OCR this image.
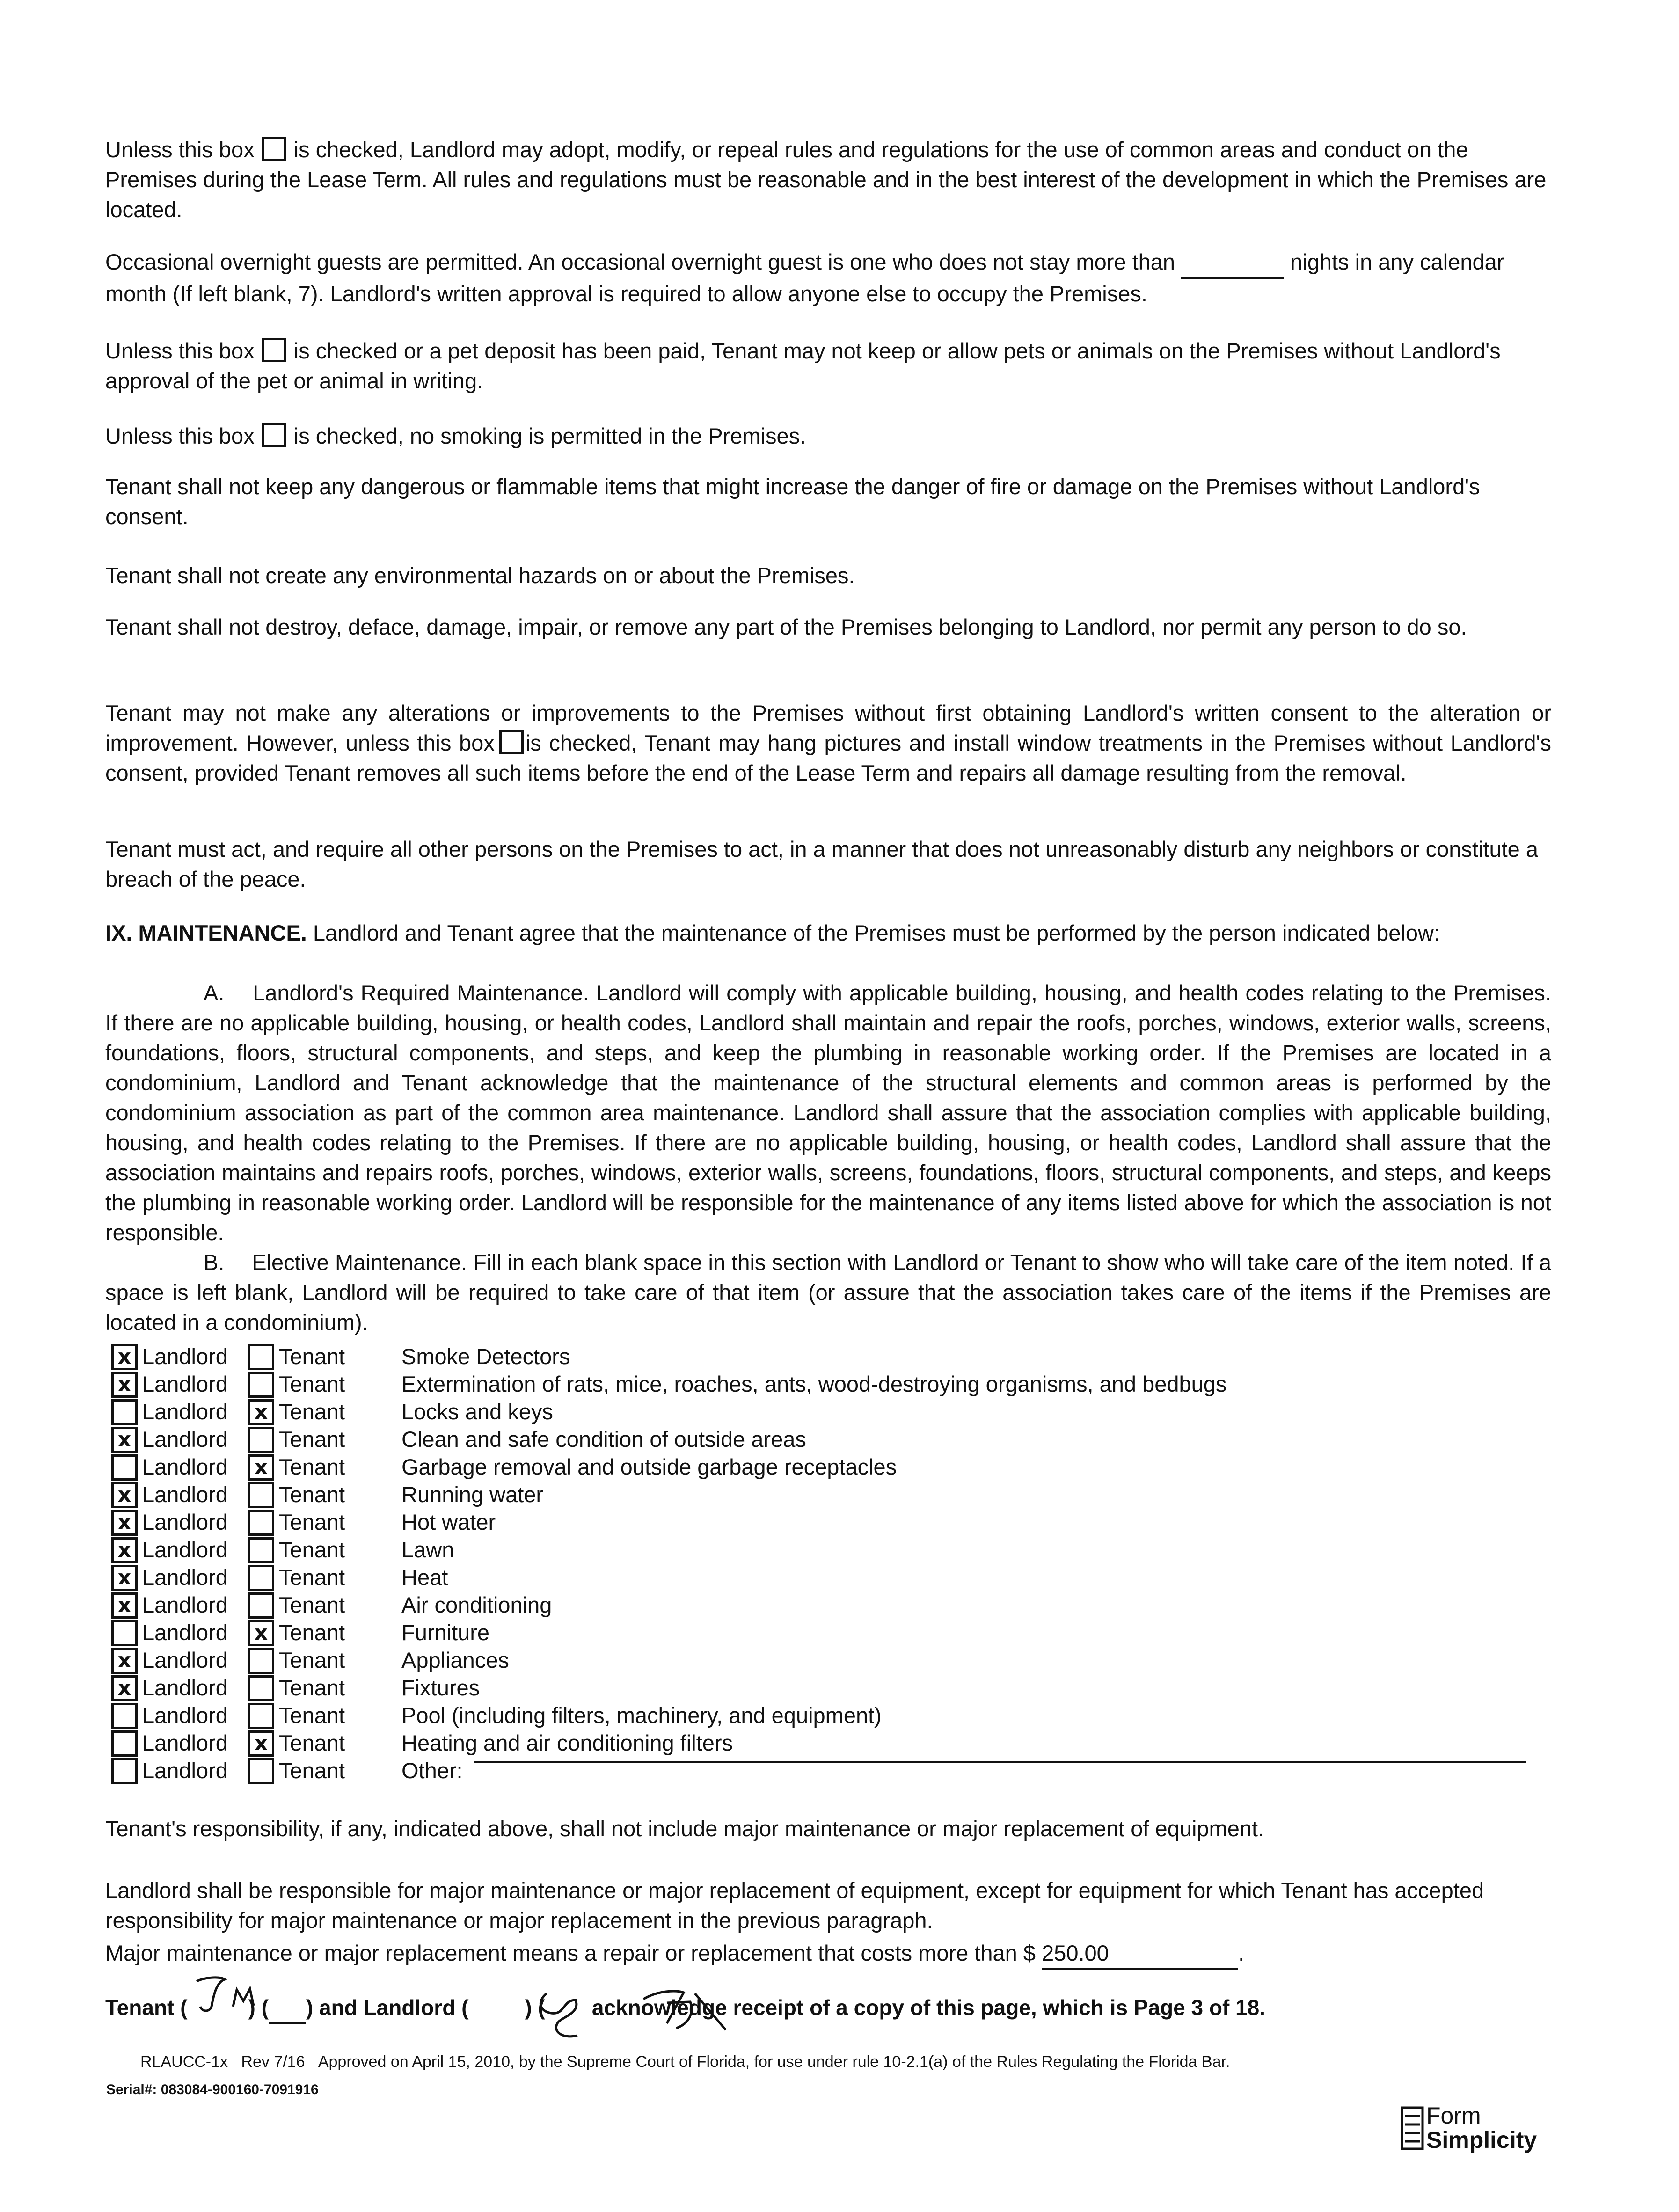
Unless this box is checked, Landlord may adopt, modify, or repeal rules and regulations for the use of common areas and conduct on the Premises during the Lease Term. All rules and regulations must be reasonable and in the best interest of the development in which the Premises are located.

Occasional overnight guests are permitted. An occasional overnight guest is one who does not stay more than	nights in any calendar month (If left blank, 7). Landlord's written approval is required to allow anyone else to occupy the Premises.

Unless this box is checked or a pet deposit has been paid, Tenant may not keep or allow pets or animals on the Premises without Landlord's approval of the pet or animal in writing.

Unless this box is checked, no smoking is permitted in the Premises.

Tenant shall not keep any dangerous or flammable items that might increase the danger of fire or damage on the Premises without Landlord's consent.

Tenant shall not create any environmental hazards on or about the Premises.

Tenant shall not destroy, deface, damage, impair, or remove any part of the Premises belonging to Landlord, nor permit any person to do so.

Tenant may not make any alterations or improvements to the Premises without first obtaining Landlord's written consent to the alteration or improvement. However, unless this box is checked, Tenant may hang pictures and install window treatments in the Premises without Landlord's consent, provided Tenant removes all such items before the end of the Lease Term and repairs all damage resulting from the removal.

Tenant must act, and require all other persons on the Premises to act, in a manner that does not unreasonably disturb any neighbors or constitute a breach of the peace.

IX. MAINTENANCE. Landlord and Tenant agree that the maintenance of the Premises must be performed by the person indicated below:

A. Landlord's Required Maintenance. Landlord will comply with applicable building, housing, and health codes relating to the Premises. If there are no applicable building, housing, or health codes, Landlord shall maintain and repair the roofs, porches, windows, exterior walls, screens, foundations, floors, structural components, and steps, and keep the plumbing in reasonable working order. If the Premises are located in a condominium, Landlord and Tenant acknowledge that the maintenance of the structural elements and common areas is performed by the condominium association as part of the common area maintenance. Landlord shall assure that the association complies with applicable building, housing, and health codes relating to the Premises. If there are no applicable building, housing, or health codes, Landlord shall assure that the association maintains and repairs roofs, porches, windows, exterior walls, screens, foundations, floors, structural components, and steps, and keeps the plumbing in reasonable working order. Landlord will be responsible for the maintenance of any items listed above for which the association is not responsible.

B. Elective Maintenance. Fill in each blank space in this section with Landlord or Tenant to show who will take care of the item noted. If a space is left blank, Landlord will be required to take care of that item (or assure that the association takes care of the items if the Premises are located in a condominium).

x Landlord Tenant	Smoke Detectors
x Landlord Tenant	Extermination of rats, mice, roaches, ants, wood-destroying organisms, and bedbugs
Landlord	x Tenant	Locks and keys
x Landlord Tenant	Clean and safe condition of outside areas
Landlord	x Tenant	Garbage removal and outside garbage receptacles
x Landlord Tenant	Running water
x Landlord Tenant	Hot water
x Landlord Tenant	Lawn
x Landlord Tenant	Heat
x Landlord Tenant	Air conditioning
Landlord	x Tenant	Furniture
x Landlord Tenant	Appliances
x Landlord Tenant	Fixtures
Landlord Tenant	Pool (including filters, machinery, and equipment)
Landlord	x Tenant	Heating and air conditioning filters
Landlord Tenant	Other:

Tenant's responsibility, if any, indicated above, shall not include major maintenance or major replacement of equipment.

Landlord shall be responsible for major maintenance or major replacement of equipment, except for equipment for which Tenant has accepted responsibility for major maintenance or major replacement in the previous paragraph.

Major maintenance or major replacement means a repair or replacement that costs more than $ 250.00	.

Tenant (	) ( ) and Landlord (	) ( acknowledge receipt of a copy of this page, which is Page 3 of 18.

RLAUCC-1x Rev 7/16 Approved on April 15, 2010, by the Supreme Court of Florida, for use under rule 10-2.1(a) of the Rules Regulating the Florida Bar.
Serial#: 083084-900160-7091916
Form
Simplicity
